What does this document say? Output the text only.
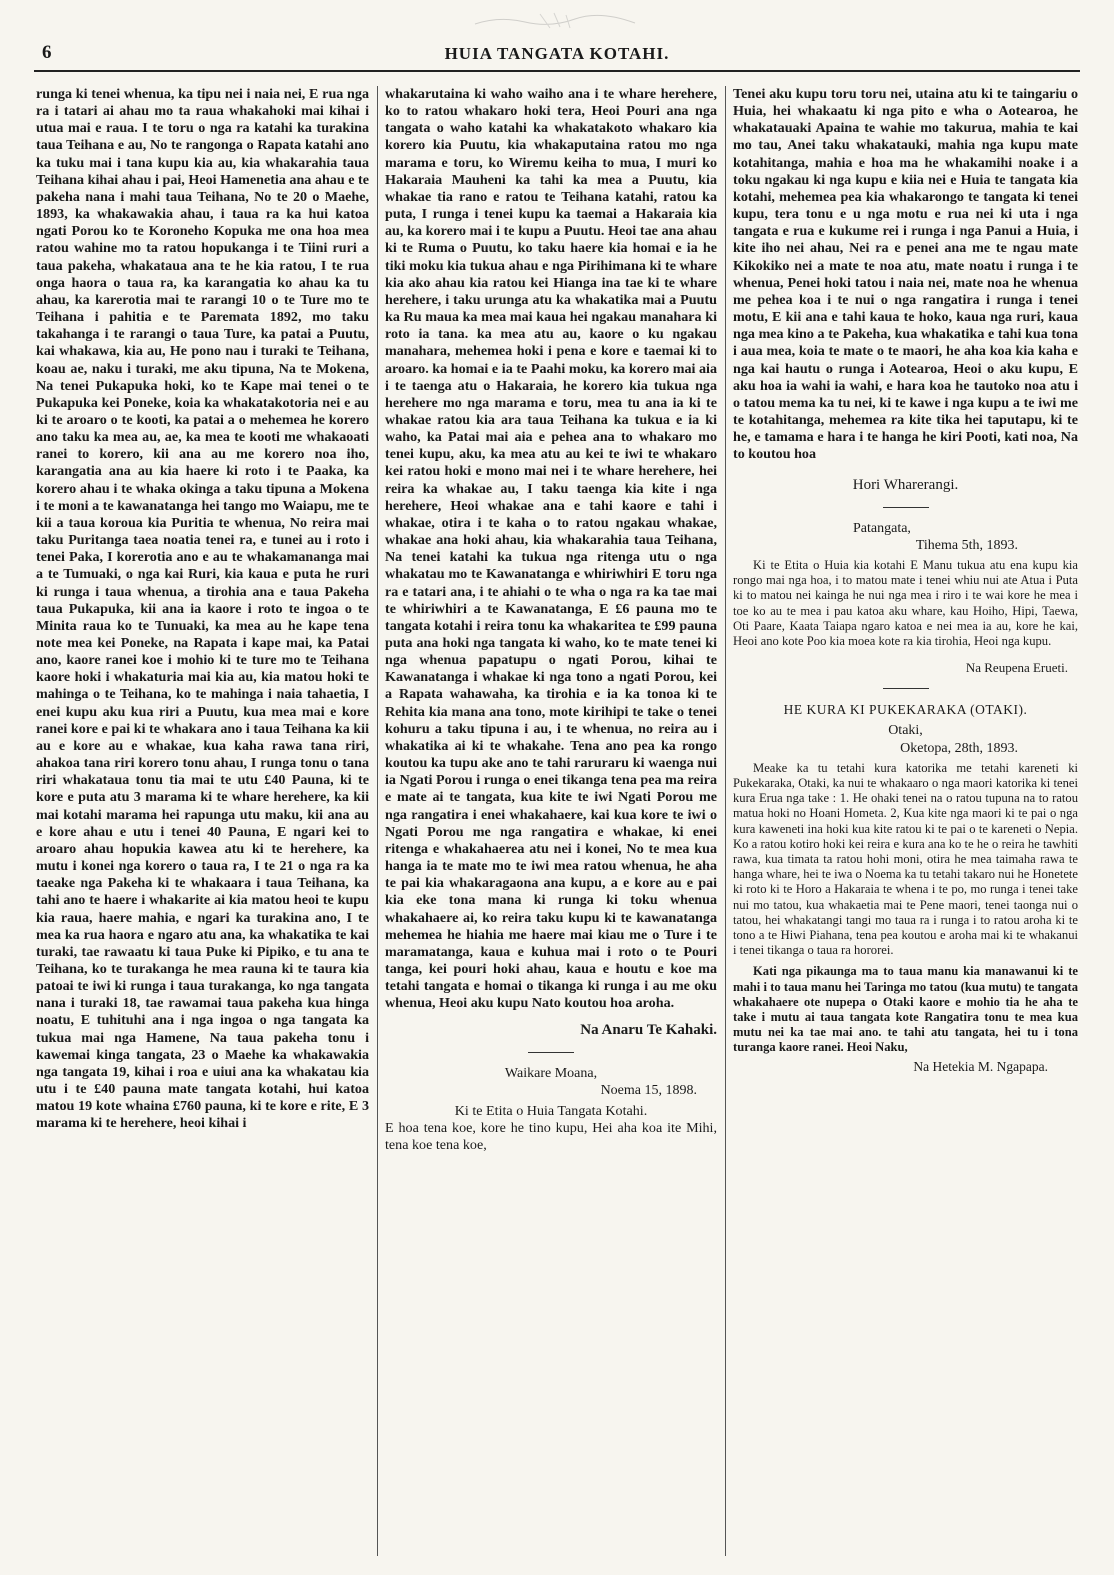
6	HUIA TANGATA KOTAHI.

runga ki tenei whenua, ka tipu nei i naia nei, E rua nga ra i tatari ai ahau mo ta raua whakahoki mai kihai i utua mai e raua. I te toru o nga ra katahi ka turakina taua Teihana e au, No te rangonga o Rapata katahi ano ka tuku mai i tana kupu kia au, kia whakarahia taua Teihana kihai ahau i pai, Heoi Hamenetia ana ahau e te pakeha nana i mahi taua Teihana, No te 20 o Maehe, 1893, ka whakawakia ahau, i taua ra ka hui katoa ngati Porou ko te Koroneho Kopuka me ona hoa mea ratou wahine mo ta ratou hopukanga i te Tiini ruri a taua pakeha, whakataua ana te he kia ratou, I te rua onga haora o taua ra, ka karangatia ko ahau ka tu ahau, ka karerotia mai te rarangi 10 o te Ture mo te Teihana i pahitia e te Paremata 1892, mo taku takahanga i te rarangi o taua Ture, ka patai a Puutu, kai whakawa, kia au, He pono nau i turaki te Teihana, koau ae, naku i turaki, me aku tipuna, Na te Mokena, Na tenei Pukapuka hoki, ko te Kape mai tenei o te Pukapuka kei Poneke, koia ka whakatakotoria nei e au ki te aroaro o te kooti, ka patai a o mehemea he korero ano taku ka mea au, ae, ka mea te kooti me whakaoati ranei to korero, kii ana au me korero noa iho, karangatia ana au kia haere ki roto i te Paaka, ka korero ahau i te whaka okinga a taku tipuna a Mokena i te moni a te kawanatanga hei tango mo Waiapu, me te kii a taua koroua kia Puritia te whenua, No reira mai taku Puritanga taea noatia tenei ra, e tunei au i roto i tenei Paka, I korerotia ano e au te whakamananga mai a te Tumuaki, o nga kai Ruri, kia kaua e puta he ruri ki runga i taua whenua, a tirohia ana e taua Pakeha taua Pukapuka, kii ana ia kaore i roto te ingoa o te Minita raua ko te Tunuaki, ka mea au he kape tena note mea kei Poneke, na Rapata i kape mai, ka Patai ano, kaore ranei koe i mohio ki te ture mo te Teihana kaore hoki i whakaturia mai kia au, kia matou hoki te mahinga o te Teihana, ko te mahinga i naia tahaetia, I enei kupu aku kua riri a Puutu, kua mea mai e kore ranei kore e pai ki te whakara ano i taua Teihana ka kii au e kore au e whakae, kua kaha rawa tana riri, ahakoa tana riri korero tonu ahau, I runga tonu o tana riri whakataua tonu tia mai te utu £40 Pauna, ki te kore e puta atu 3 marama ki te whare herehere, ka kii mai kotahi marama hei rapunga utu maku, kii ana au e kore ahau e utu i tenei 40 Pauna, E ngari kei to aroaro ahau hopukia kawea atu ki te herehere, ka mutu i konei nga korero o taua ra, I te 21 o nga ra ka taeake nga Pakeha ki te whakaara i taua Teihana, ka tahi ano te haere i whakarite ai kia matou heoi te kupu kia raua, haere mahia, e ngari ka turakina ano, I te mea ka rua haora e ngaro atu ana, ka whakatika te kai turaki, tae rawaatu ki taua Puke ki Pipiko, e tu ana te Teihana, ko te turakanga he mea rauna ki te taura kia patoai te iwi ki runga i taua turakanga, ko nga tangata nana i turaki 18, tae rawamai taua pakeha kua hinga noatu, E tuhituhi ana i nga ingoa o nga tangata ka tukua mai nga Hamene, Na taua pakeha tonu i kawemai kinga tangata, 23 o Maehe ka whakawakia nga tangata 19, kihai i roa e uiui ana ka whakatau kia utu i te £40 pauna mate tangata kotahi, hui katoa matou 19 kote whaina £760 pauna, ki te kore e rite, E 3 marama ki te herehere, heoi kihai i

whakarutaina ki waho waiho ana i te whare herehere, ko to ratou whakaro hoki tera, Heoi Pouri ana nga tangata o waho katahi ka whakatakoto whakaro kia korero kia Puutu, kia whakaputaina ratou mo nga marama e toru, ko Wiremu keiha to mua, I muri ko Hakaraia Mauheni ka tahi ka mea a Puutu, kia whakae tia rano e ratou te Teihana katahi, ratou ka puta, I runga i tenei kupu ka taemai a Hakaraia kia au, ka korero mai i te kupu a Puutu. Heoi tae ana ahau ki te Ruma o Puutu, ko taku haere kia homai e ia he tiki moku kia tukua ahau e nga Pirihimana ki te whare kia ako ahau kia ratou kei Hianga ina tae ki te whare herehere, i taku urunga atu ka whakatika mai a Puutu ka Ru maua ka mea mai kaua hei ngakau manahara ki roto ia tana. ka mea atu au, kaore o ku ngakau manahara, mehemea hoki i pena e kore e taemai ki to aroaro. ka homai e ia te Paahi moku, ka korero mai aia i te taenga atu o Hakaraia, he korero kia tukua nga herehere mo nga marama e toru, mea tu ana ia ki te whakae ratou kia ara taua Teihana ka tukua e ia ki waho, ka Patai mai aia e pehea ana to whakaro mo tenei kupu, aku, ka mea atu au kei te iwi te whakaro kei ratou hoki e mono mai nei i te whare herehere, hei reira ka whakae au, I taku taenga kia kite i nga herehere, Heoi whakae ana e tahi kaore e tahi i whakae, otira i te kaha o to ratou ngakau whakae, whakae ana hoki ahau, kia whakarahia taua Teihana, Na tenei katahi ka tukua nga ritenga utu o nga whakatau mo te Kawanatanga e whiriwhiri E toru nga ra e tatari ana, i te ahiahi o te wha o nga ra ka tae mai te whiriwhiri a te Kawanatanga, E £6 pauna mo te tangata kotahi i reira tonu ka whakaritea te £99 pauna puta ana hoki nga tangata ki waho, ko te mate tenei ki nga whenua papatupu o ngati Porou, kihai te Kawanatanga i whakae ki nga tono a ngati Porou, kei a Rapata wahawaha, ka tirohia e ia ka tonoa ki te Rehita kia mana ana tono, mote kirihipi te take o tenei kohuru a taku tipuna i au, i te whenua, no reira au i whakatika ai ki te whakahe. Tena ano pea ka rongo koutou ka tupu ake ano te tahi raruraru ki waenga nui ia Ngati Porou i runga o enei tikanga tena pea ma reira e mate ai te tangata, kua kite te iwi Ngati Porou me nga rangatira i enei whakahaere, kai kua kore te iwi o Ngati Porou me nga rangatira e whakae, ki enei ritenga e whakahaerea atu nei i konei, No te mea kua hanga ia te mate mo te iwi mea ratou whenua, he aha te pai kia whakaragaona ana kupu, a e kore au e pai kia eke tona mana ki runga ki toku whenua whakahaere ai, ko reira taku kupu ki te kawanatanga mehemea he hiahia me haere mai kiau me o Ture i te maramatanga, kaua e kuhua mai i roto o te Pouri tanga, kei pouri hoki ahau, kaua e houtu e koe ma tetahi tangata e homai o tikanga ki runga i au me oku whenua, Heoi aku kupu Nato koutou hoa aroha.

Na Anaru Te Kahaki.
Waikare Moana,
Noema 15, 1898.
Ki te Etita o Huia Tangata Kotahi.

E hoa tena koe, kore he tino kupu, Hei aha koa ite Mihi, tena koe tena koe,

Tenei aku kupu toru toru nei, utaina atu ki te taingariu o Huia, hei whakaatu ki nga pito e wha o Aotearoa, he whakatauaki Apaina te wahie mo takurua, mahia te kai mo tau, Anei taku whakatauki, mahia nga kupu mate kotahitanga, mahia e hoa ma he whakamihi noake i a toku ngakau ki nga kupu e kiia nei e Huia te tangata kia kotahi, mehemea pea kia whakarongo te tangata ki tenei kupu, tera tonu e u nga motu e rua nei ki uta i nga tangata e rua e kukume rei i runga i nga Panui a Huia, i kite iho nei ahau, Nei ra e penei ana me te ngau mate Kikokiko nei a mate te noa atu, mate noatu i runga i te whenua, Penei hoki tatou i naia nei, mate noa he whenua me pehea koa i te nui o nga rangatira i runga i tenei motu, E kii ana e tahi kaua te hoko, kaua nga ruri, kaua nga mea kino a te Pakeha, kua whakatika e tahi kua tona i aua mea, koia te mate o te maori, he aha koa kia kaha e nga kai hautu o runga i Aotearoa, Heoi o aku kupu, E aku hoa ia wahi ia wahi, e hara koa he tautoko noa atu i o tatou mema ka tu nei, ki te kawe i nga kupu a te iwi me te kotahitanga, mehemea ra kite tika hei taputapu, ki te he, e tamama e hara i te hanga he kiri Pooti, kati noa, Na to koutou hoa

Hori Wharerangi.
Patangata,
Tihema 5th, 1893.

Ki te Etita o Huia kia kotahi E Manu tukua atu ena kupu kia rongo mai nga hoa, i to matou mate i tenei whiu nui ate Atua i Puta ki to matou nei kainga he nui nga mea i riro i te wai kore he mea i toe ko au te mea i pau katoa aku whare, kau Hoiho, Hipi, Taewa, Oti Paare, Kaata Taiapa ngaro katoa e nei mea ia au, kore he kai, Heoi ano kote Poo kia moea kote ra kia tirohia, Heoi nga kupu.

Na Reupena Erueti.
HE KURA KI PUKEKARAKA (OTAKI).
Otaki,
Oketopa, 28th, 1893.

Meake ka tu tetahi kura katorika me tetahi kareneti ki Pukekaraka, Otaki, ka nui te whakaaro o nga maori katorika ki tenei kura Erua nga take : 1. He ohaki tenei na o ratou tupuna na to ratou matua hoki no Hoani Hometa. 2, Kua kite nga maori ki te pai o nga kura kaweneti ina hoki kua kite ratou ki te pai o te kareneti o Nepia. Ko a ratou kotiro hoki kei reira e kura ana ko te he o reira he tawhiti rawa, kua timata ta ratou hohi moni, otira he mea taimaha rawa te hanga whare, hei te iwa o Noema ka tu tetahi takaro nui he Honetete ki roto ki te Horo a Hakaraia te whena i te po, mo runga i tenei take nui mo tatou, kua whakaetia mai te Pene maori, tenei taonga nui o tatou, hei whakatangi tangi mo taua ra i runga i to ratou aroha ki te tono a te Hiwi Piahana, tena pea koutou e aroha mai ki te whakanui i tenei tikanga o taua ra hororei.

Kati nga pikaunga ma to taua manu kia manawanui ki te mahi i to taua manu hei Taringa mo tatou (kua mutu) te tangata whakahaere ote nupepa o Otaki kaore e mohio tia he aha te take i mutu ai taua tangata kote Rangatira tonu te mea kua mutu nei ka tae mai ano. te tahi atu tangata, hei tu i tona turanga kaore ranei. Heoi Naku,

Na Hetekia M. Ngapapa.
